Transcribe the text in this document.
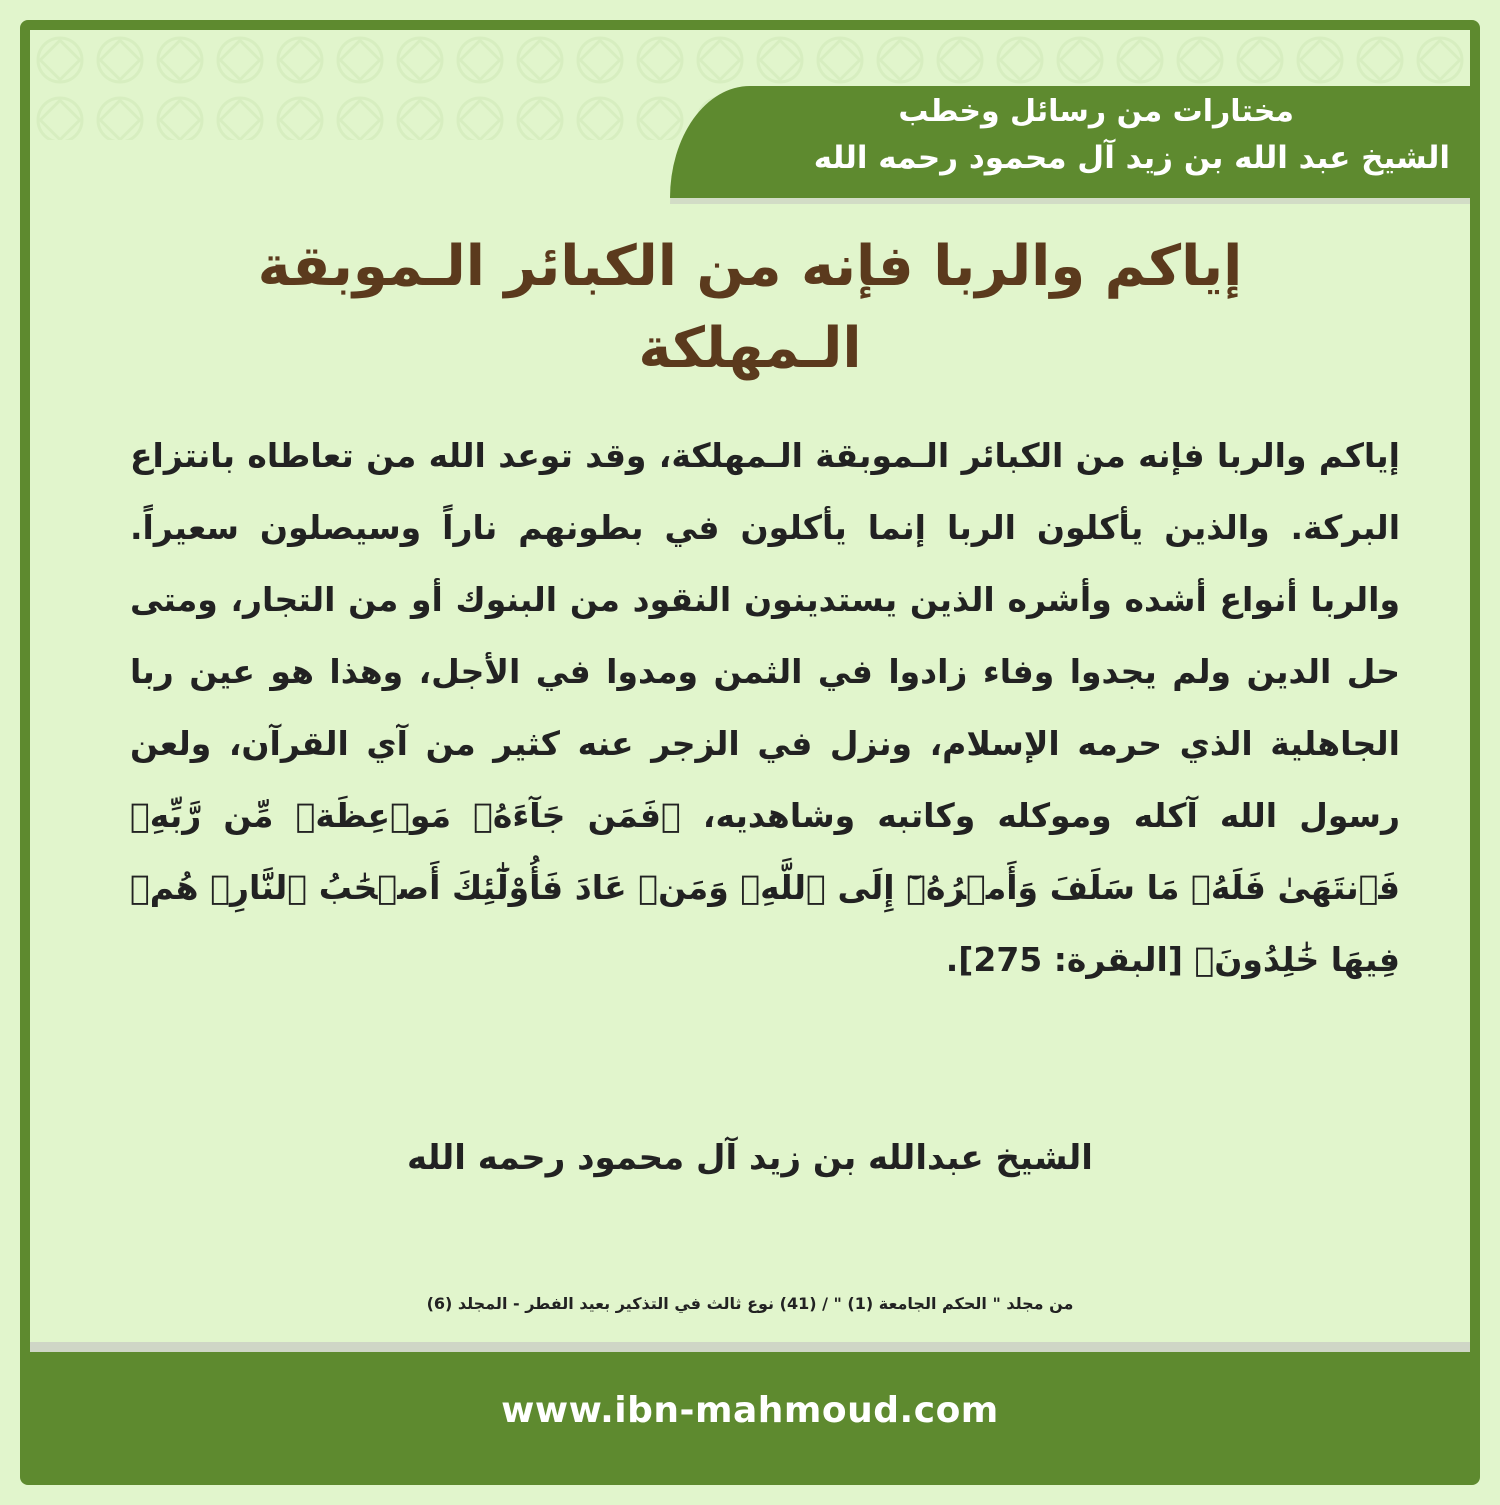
مختارات من رسائل وخطب
الشيخ عبد الله بن زيد آل محمود رحمه الله
إياكم والربا فإنه من الكبائر الـموبقة الـمهلكة
إياكم والربا فإنه من الكبائر الـموبقة الـمهلكة، وقد توعد الله من تعاطاه بانتزاع البركة. والذين يأكلون الربا إنما يأكلون في بطونهم ناراً وسيصلون سعيراً. والربا أنواع أشده وأشره الذين يستدينون النقود من البنوك أو من التجار، ومتى حل الدين ولم يجدوا وفاء زادوا في الثمن ومدوا في الأجل، وهذا هو عين ربا الجاهلية الذي حرمه الإسلام، ونزل في الزجر عنه كثير من آي القرآن، ولعن رسول الله آكله وموكله وكاتبه وشاهديه، ﴿فَمَن جَآءَهُۥ مَوۡعِظَةٞ مِّن رَّبِّهِۦ فَٱنتَهَىٰ فَلَهُۥ مَا سَلَفَ وَأَمۡرُهُۥٓ إِلَى ٱللَّهِۖ وَمَنۡ عَادَ فَأُوْلَٰٓئِكَ أَصۡحَٰبُ ٱلنَّارِۖ هُمۡ فِيهَا خَٰلِدُونَ﴾ [البقرة: 275].
الشيخ عبدالله بن زيد آل محمود رحمه الله
من مجلد " الحكم الجامعة (1) " / (41) نوع ثالث في التذكير بعيد الفطر - المجلد (6)
www.ibn-mahmoud.com
